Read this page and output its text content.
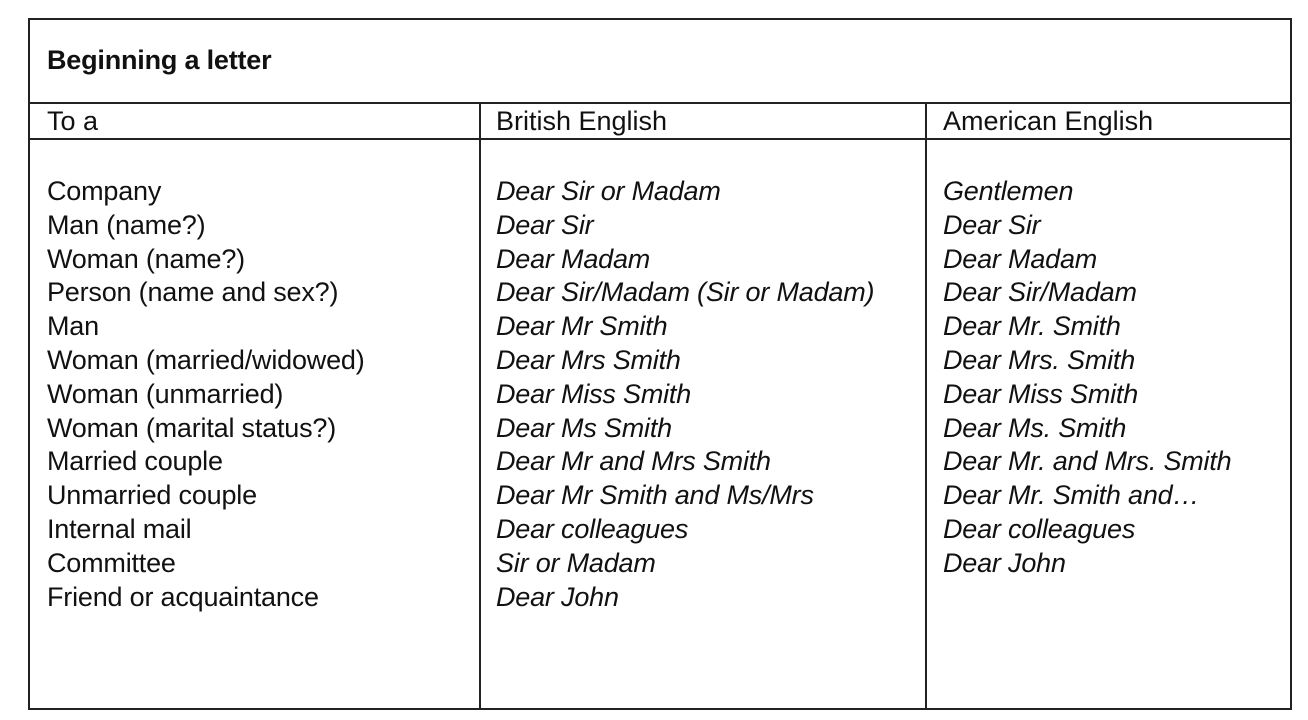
Beginning a letter
To a	British English	American English
Company
Man (name?)
Woman (name?)
Person (name and sex?)
Man
Woman (married/widowed)
Woman (unmarried)
Woman (marital status?)
Married couple
Unmarried couple
Internal mail
Committee
Friend or acquaintance
Dear Sir or Madam
Dear Sir
Dear Madam
Dear Sir/Madam (Sir or Madam)
Dear Mr Smith
Dear Mrs Smith
Dear Miss Smith
Dear Ms Smith
Dear Mr and Mrs Smith
Dear Mr Smith and Ms/Mrs
Dear colleagues
Sir or Madam
Dear John
Gentlemen
Dear Sir
Dear Madam
Dear Sir/Madam
Dear Mr. Smith
Dear Mrs. Smith
Dear Miss Smith
Dear Ms. Smith
Dear Mr. and Mrs. Smith
Dear Mr. Smith and…
Dear colleagues
Dear John
